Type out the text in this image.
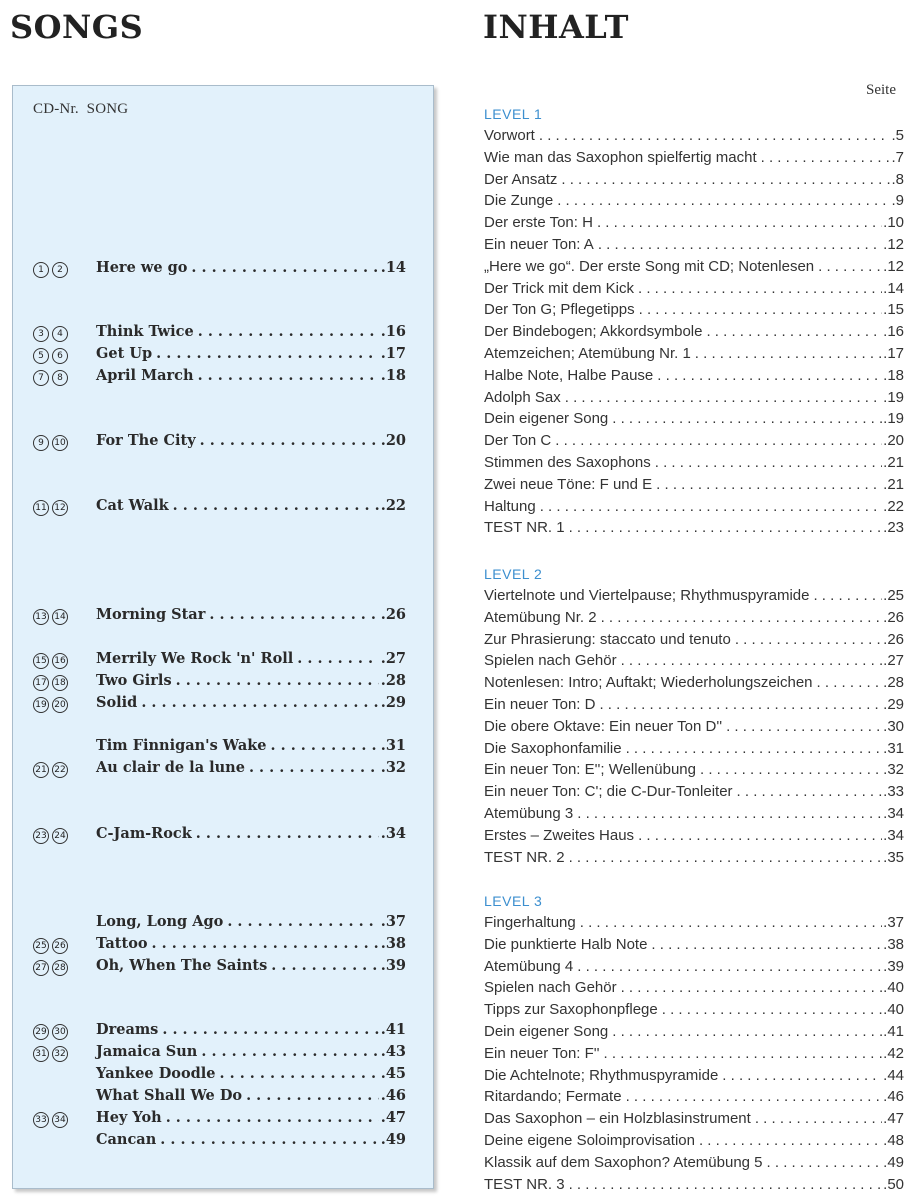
SONGS	INHALT
CD-Nr.  SONG
1	2	Here we go . . .	.14
3	4	Think Twice . . .	.16
5	6	Get Up . . .	.17
7	8	April March . . .	.18
9	10 For The City . . .	.20
11 12 Cat Walk . . .	.22
13 14 Morning Star . . .	.26
15 16 Merrily We Rock 'n' Roll . . .	.27
17 18 Two Girls . . .	.28
19 20 Solid . . .	.29
Tim Finnigan's Wake . . .	.31
21 22 Au clair de la lune . . .	.32
23 24 C-Jam-Rock . . .	.34
Long, Long Ago . . .	.37
25 26 Tattoo . . .	.38
27 28 Oh, When The Saints . . .	.39
29 30 Dreams . . .	.41
31 32 Jamaica Sun . . .	.43
Yankee Doodle . . .	.45
What Shall We Do . . .	.46
33 34 Hey Yoh . . .	.47
Cancan . . .	.49
Seite
LEVEL 1
Vorwort . . .	.5
Wie man das Saxophon spielfertig macht . . .	.7
Der Ansatz . . .	.8
Die Zunge . . .	.9
Der erste Ton: H . . .	.10
Ein neuer Ton: A . . .	.12
„Here we go“. Der erste Song mit CD; Notenlesen . . .	.12
Der Trick mit dem Kick . . .	.14
Der Ton G; Pflegetipps . . .	.15
Der Bindebogen; Akkordsymbole . . .	.16
Atemzeichen; Atemübung Nr. 1 . . .	.17
Halbe Note, Halbe Pause . . .	.18
Adolph Sax . . .	.19
Dein eigener Song . . .	.19
Der Ton C . . .	.20
Stimmen des Saxophons . . .	.21
Zwei neue Töne: F und E . . .	.21
Haltung . . .	.22
TEST NR. 1 . . .	.23
LEVEL 2
Viertelnote und Viertelpause; Rhythmuspyramide . . .	.25
Atemübung Nr. 2 . . .	.26
Zur Phrasierung: staccato und tenuto . . .	.26
Spielen nach Gehör . . .	.27
Notenlesen: Intro; Auftakt; Wiederholungszeichen . . .	.28
Ein neuer Ton: D . . .	.29
Die obere Oktave: Ein neuer Ton D'' . . .	.30
Die Saxophonfamilie . . .	.31
Ein neuer Ton: E''; Wellenübung . . .	.32
Ein neuer Ton: C'; die C-Dur-Tonleiter . . .	.33
Atemübung 3 . . .	.34
Erstes – Zweites Haus . . .	.34
TEST NR. 2 . . .	.35
LEVEL 3
Fingerhaltung . . .	.37
Die punktierte Halb Note . . .	.38
Atemübung 4 . . .	.39
Spielen nach Gehör . . .	.40
Tipps zur Saxophonpflege . . .	.40
Dein eigener Song . . .	.41
Ein neuer Ton: F'' . . .	.42
Die Achtelnote; Rhythmuspyramide . . .	.44
Ritardando; Fermate . . .	.46
Das Saxophon – ein Holzblasinstrument . . .	.47
Deine eigene Soloimprovisation . . .	.48
Klassik auf dem Saxophon? Atemübung 5 . . .	.49
TEST NR. 3 . . .	.50
